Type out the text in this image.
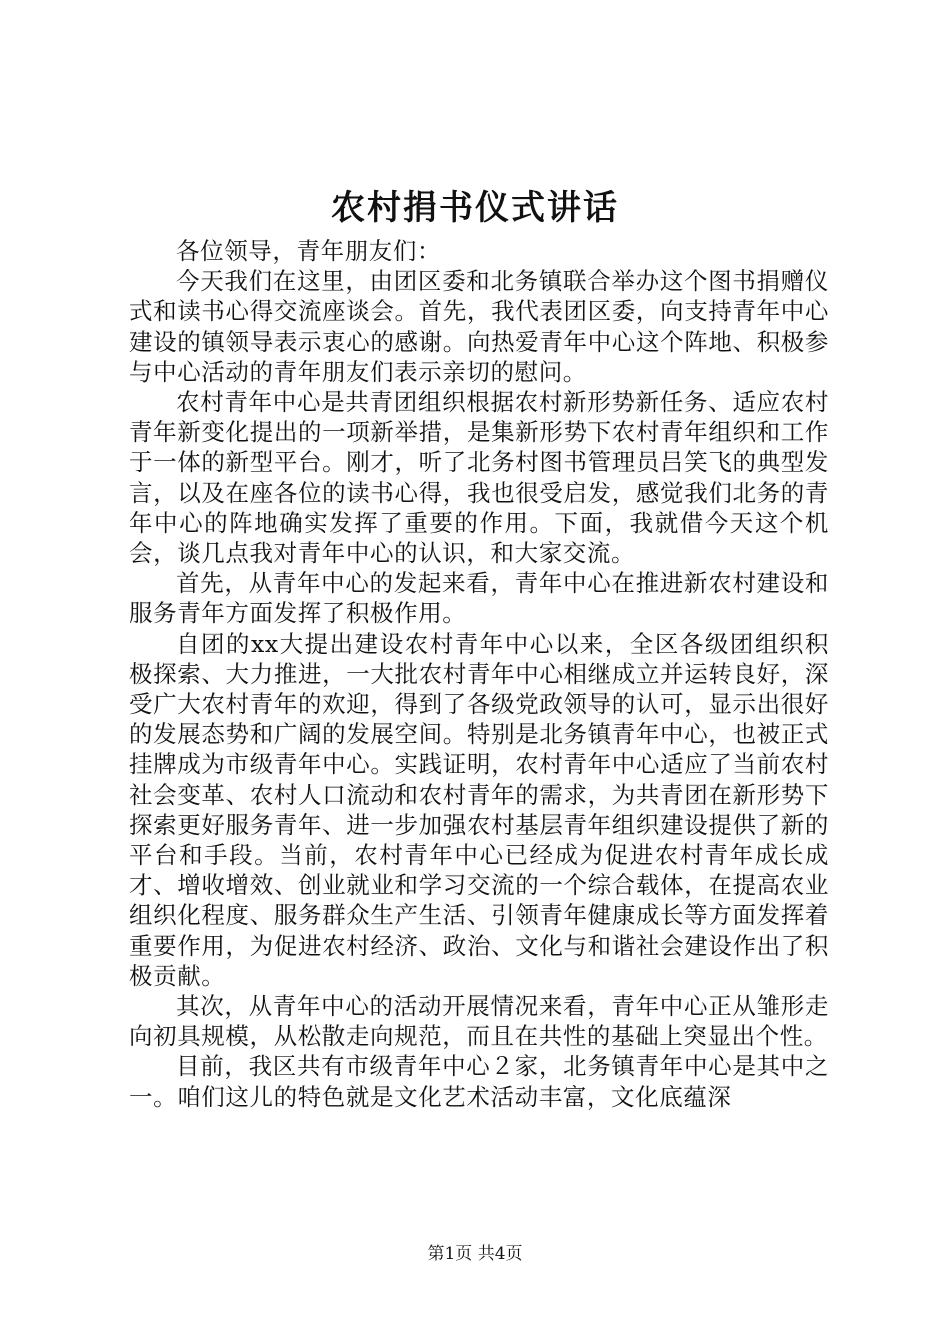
农村捐书仪式讲话

各位领导，青年朋友们：

今天我们在这里，由团区委和北务镇联合举办这个图书捐赠仪式和读书心得交流座谈会。首先，我代表团区委，向支持青年中心建设的镇领导表示衷心的感谢。向热爱青年中心这个阵地、积极参与中心活动的青年朋友们表示亲切的慰问。

农村青年中心是共青团组织根据农村新形势新任务、适应农村青年新变化提出的一项新举措，是集新形势下农村青年组织和工作于一体的新型平台。刚才，听了北务村图书管理员吕笑飞的典型发言，以及在座各位的读书心得，我也很受启发，感觉我们北务的青年中心的阵地确实发挥了重要的作用。下面，我就借今天这个机会，谈几点我对青年中心的认识，和大家交流。

首先，从青年中心的发起来看，青年中心在推进新农村建设和服务青年方面发挥了积极作用。

自团的xx大提出建设农村青年中心以来，全区各级团组织积极探索、大力推进，一大批农村青年中心相继成立并运转良好，深受广大农村青年的欢迎，得到了各级党政领导的认可，显示出很好的发展态势和广阔的发展空间。特别是北务镇青年中心，也被正式挂牌成为市级青年中心。实践证明，农村青年中心适应了当前农村社会变革、农村人口流动和农村青年的需求，为共青团在新形势下探索更好服务青年、进一步加强农村基层青年组织建设提供了新的平台和手段。当前，农村青年中心已经成为促进农村青年成长成才、增收增效、创业就业和学习交流的一个综合载体，在提高农业组织化程度、服务群众生产生活、引领青年健康成长等方面发挥着重要作用，为促进农村经济、政治、文化与和谐社会建设作出了积极贡献。

其次，从青年中心的活动开展情况来看，青年中心正从雏形走向初具规模，从松散走向规范，而且在共性的基础上突显出个性。

目前，我区共有市级青年中心２家，北务镇青年中心是其中之一。咱们这儿的特色就是文化艺术活动丰富，文化底蕴深

第1页 共4页
